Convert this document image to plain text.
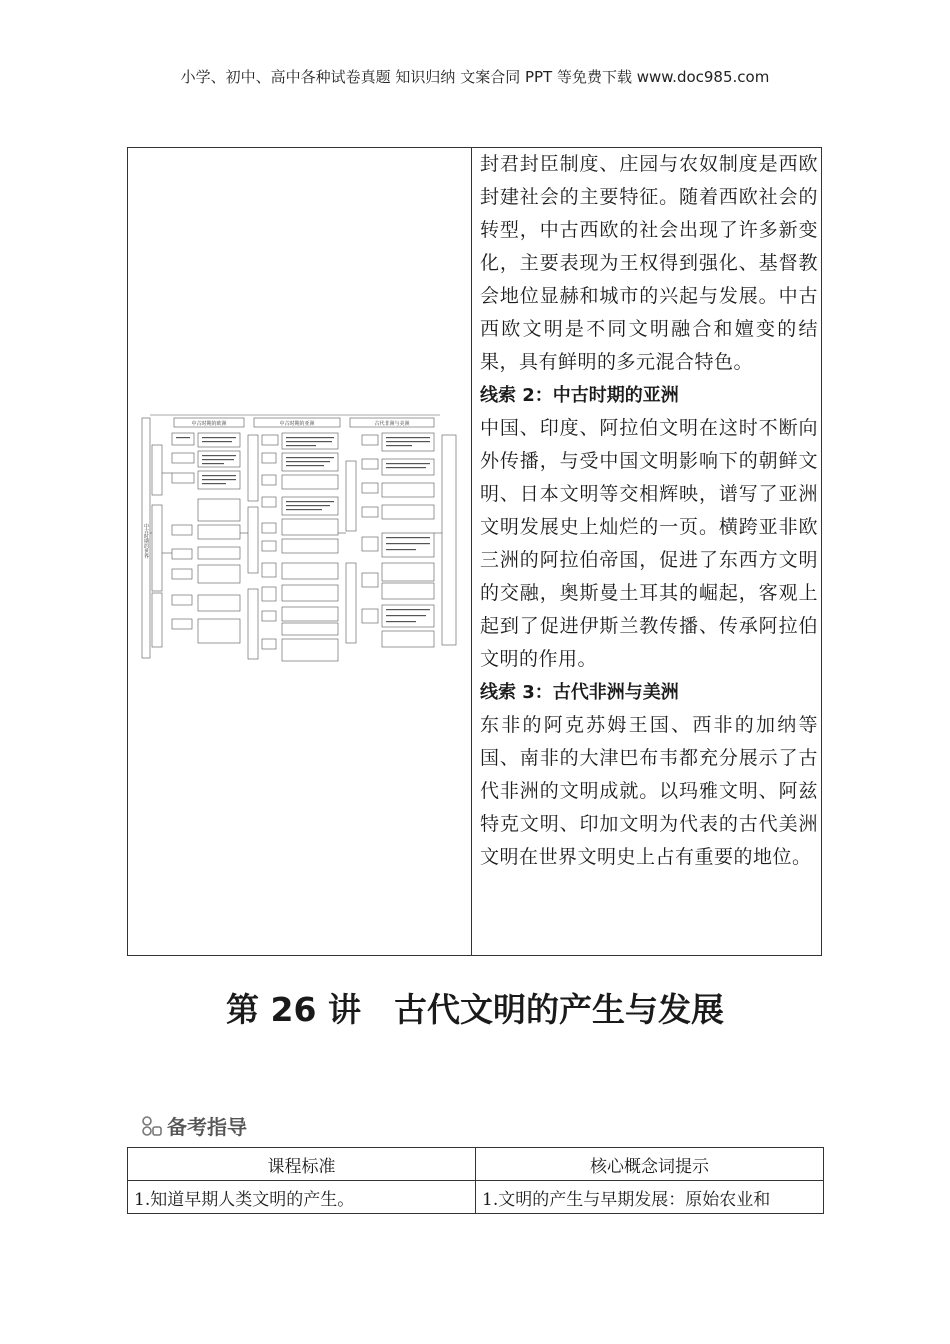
小学、初中、高中各种试卷真题 知识归纳 文案合同 PPT 等免费下载 www.doc985.com
中古时期的世界
中古时期的欧洲	中古时期的亚洲	古代非洲与美洲

封君封臣制度、庄园与农奴制度是西欧封建社会的主要特征。随着西欧社会的转型，中古西欧的社会出现了许多新变化，主要表现为王权得到强化、基督教会地位显赫和城市的兴起与发展。中古西欧文明是不同文明融合和嬗变的结果，具有鲜明的多元混合特色。

线索 2：中古时期的亚洲

中国、印度、阿拉伯文明在这时不断向外传播，与受中国文明影响下的朝鲜文明、日本文明等交相辉映，谱写了亚洲文明发展史上灿烂的一页。横跨亚非欧三洲的阿拉伯帝国，促进了东西方文明的交融，奥斯曼土耳其的崛起，客观上起到了促进伊斯兰教传播、传承阿拉伯文明的作用。

线索 3：古代非洲与美洲

东非的阿克苏姆王国、西非的加纳等国、南非的大津巴布韦都充分展示了古代非洲的文明成就。以玛雅文明、阿兹特克文明、印加文明为代表的古代美洲文明在世界文明史上占有重要的地位。

第 26 讲　古代文明的产生与发展
备考指导
课程标准	核心概念词提示
1.知道早期人类文明的产生。	1.文明的产生与早期发展：原始农业和
